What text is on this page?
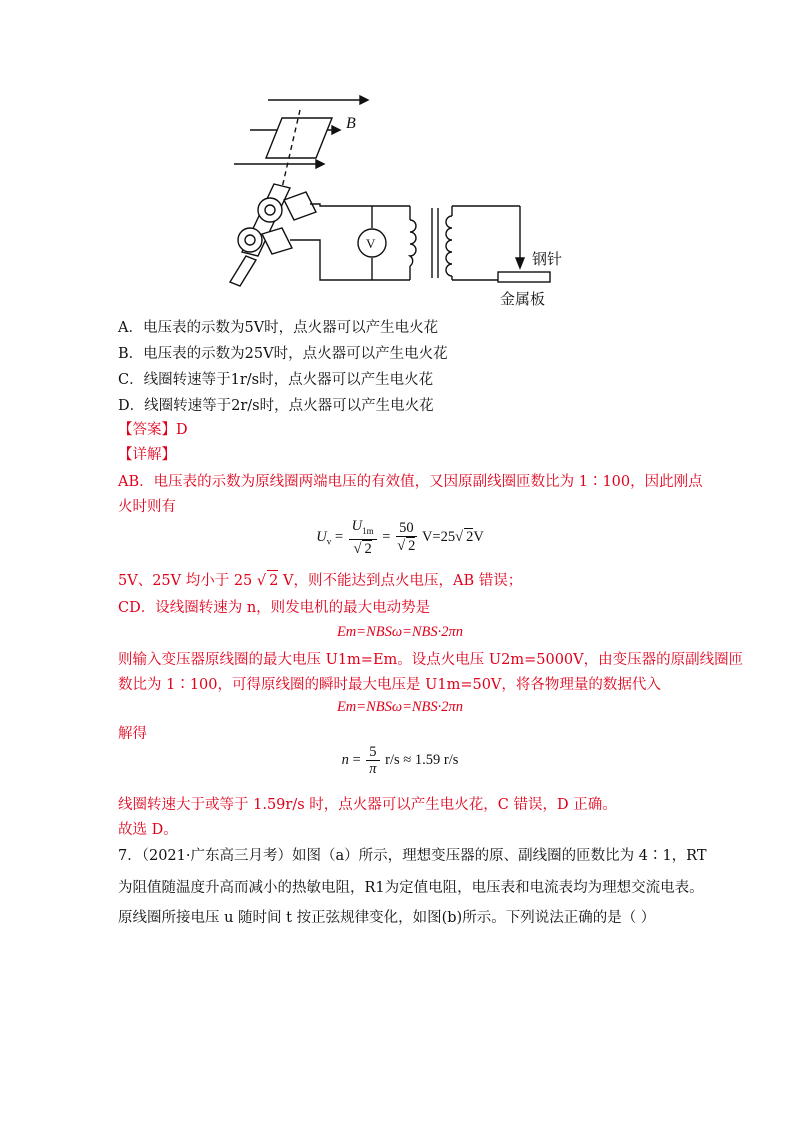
B
V
钢针
金属板
A．电压表的示数为5V时，点火器可以产生电火花
B．电压表的示数为25V时，点火器可以产生电火花
C．线圈转速等于1r/s时，点火器可以产生电火花
D．线圈转速等于2r/s时，点火器可以产生电火花
【答案】D
【详解】
AB．电压表的示数为原线圈两端电压的有效值，又因原副线圈匝数比为 1∶100，因此刚点
火时则有
$U_v = \frac{U_{1m}}{√ 2} = \frac{50}{√ 2} V=25√$ 2V
5V、25V 均小于 25 √ 2 V，则不能达到点火电压，AB 错误；
CD．设线圈转速为 n，则发电机的最大电动势是
Em=NBSω=NBS·2πn
则输入变压器原线圈的最大电压 U1m=Em。设点火电压 U2m=5000V，由变压器的原副线圈匝
数比为 1∶100，可得原线圈的瞬时最大电压是 U1m=50V，将各物理量的数据代入
Em=NBSω=NBS·2πn
解得
$n = \frac{5}{\pi} r/s \approx 1.59$ r/s
线圈转速大于或等于 1.59r/s 时，点火器可以产生电火花，C 错误，D 正确。
故选 D。
7．（2021·广东高三月考）如图（a）所示，理想变压器的原、副线圈的匝数比为 4∶1，RT
为阻值随温度升高而减小的热敏电阻，R1为定值电阻，电压表和电流表均为理想交流电表。
原线圈所接电压 u 随时间 t 按正弦规律变化，如图(b)所示。下列说法正确的是（ ）
